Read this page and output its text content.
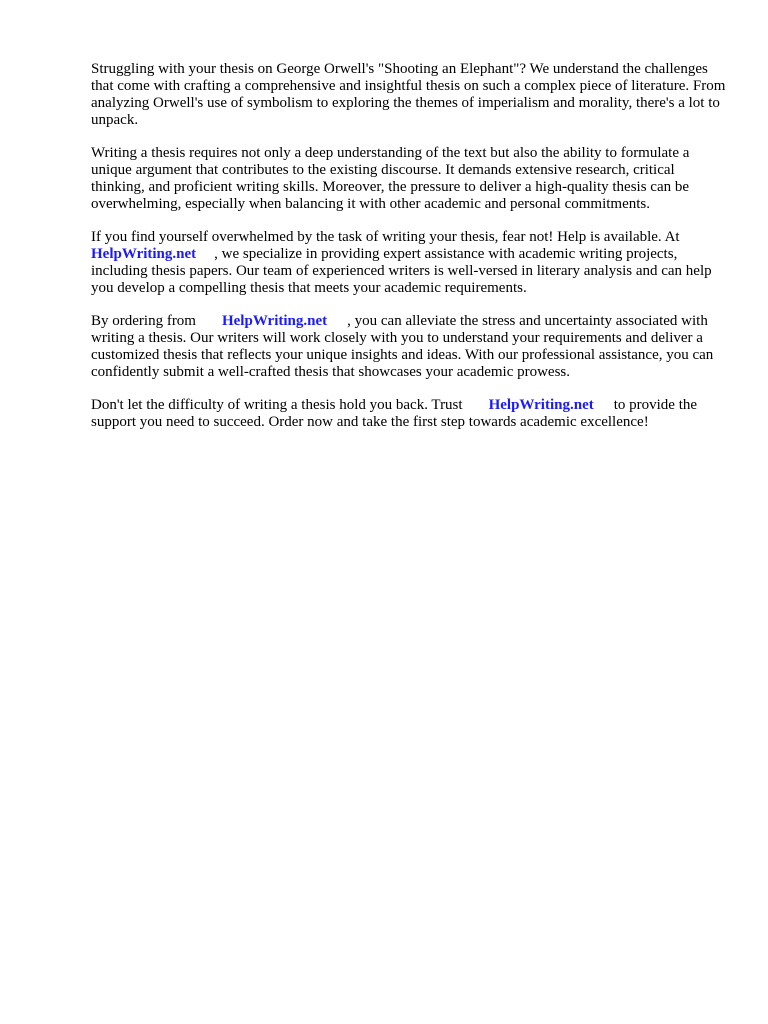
Struggling with your thesis on George Orwell's "Shooting an Elephant"? We understand the challenges that come with crafting a comprehensive and insightful thesis on such a complex piece of literature. From analyzing Orwell's use of symbolism to exploring the themes of imperialism and morality, there's a lot to unpack.

Writing a thesis requires not only a deep understanding of the text but also the ability to formulate a unique argument that contributes to the existing discourse. It demands extensive research, critical thinking, and proficient writing skills. Moreover, the pressure to deliver a high-quality thesis can be overwhelming, especially when balancing it with other academic and personal commitments.

If you find yourself overwhelmed by the task of writing your thesis, fear not! Help is available. At
HelpWriting.net , we specialize in providing expert assistance with academic writing projects, including thesis papers. Our team of experienced writers is well-versed in literary analysis and can help you develop a compelling thesis that meets your academic requirements.

By ordering from HelpWriting.net , you can alleviate the stress and uncertainty associated with writing a thesis. Our writers will work closely with you to understand your requirements and deliver a customized thesis that reflects your unique insights and ideas. With our professional assistance, you can confidently submit a well-crafted thesis that showcases your academic prowess.

Don't let the difficulty of writing a thesis hold you back. Trust HelpWriting.net to provide the support you need to succeed. Order now and take the first step towards academic excellence!
